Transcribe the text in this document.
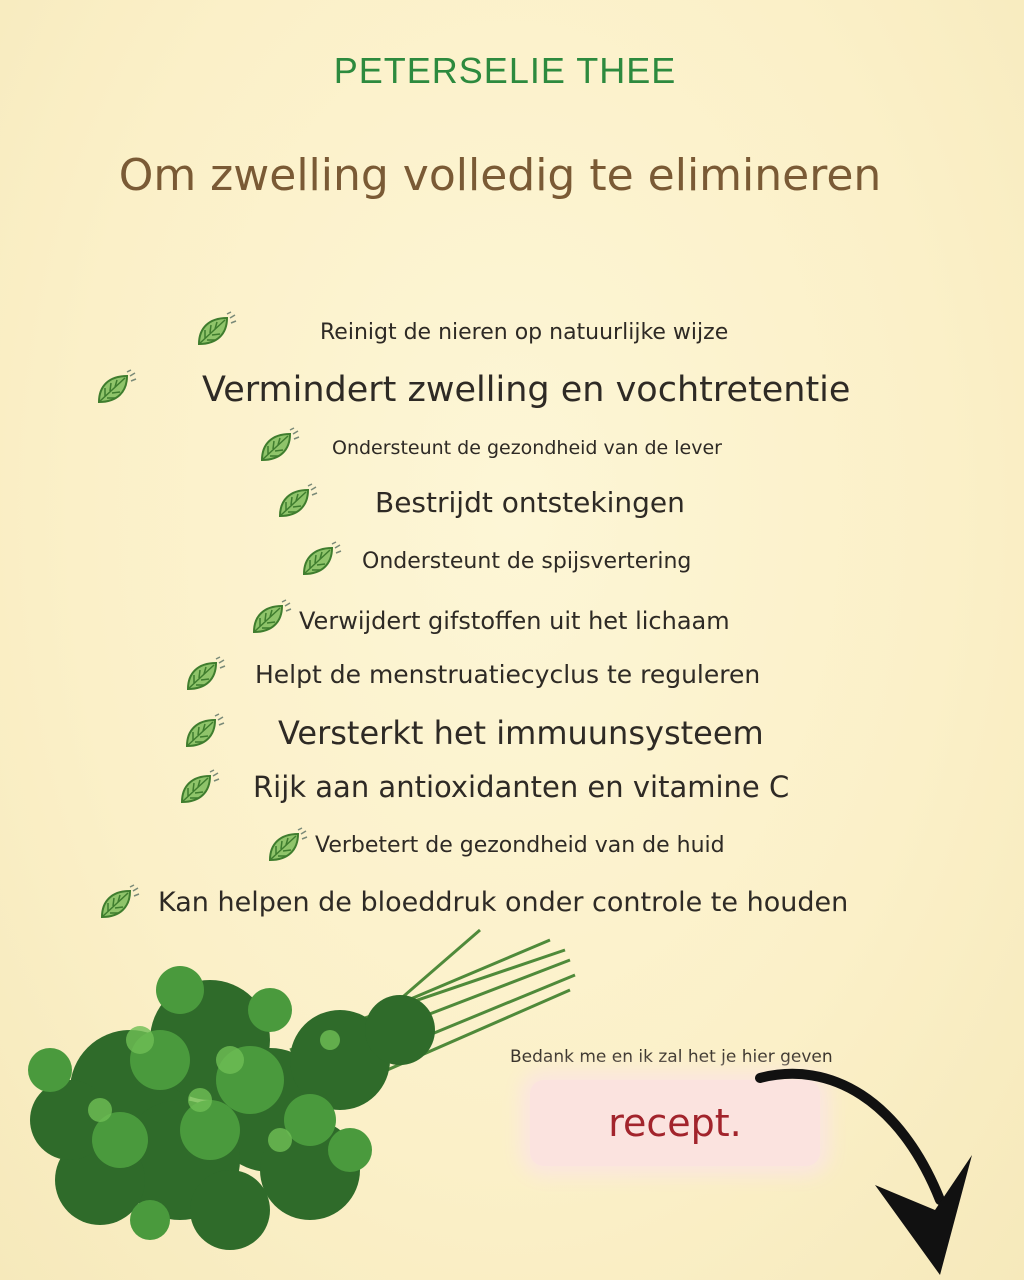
PETERSELIE THEE
Om zwelling volledig te elimineren
Reinigt de nieren op natuurlijke wijze
Vermindert zwelling en vochtretentie
Ondersteunt de gezondheid van de lever
Bestrijdt ontstekingen
Ondersteunt de spijsvertering
Verwijdert gifstoffen uit het lichaam
Helpt de menstruatiecyclus te reguleren
Versterkt het immuunsysteem
Rijk aan antioxidanten en vitamine C
Verbetert de gezondheid van de huid
Kan helpen de bloeddruk onder controle te houden
Bedank me en ik zal het je hier geven
recept.
